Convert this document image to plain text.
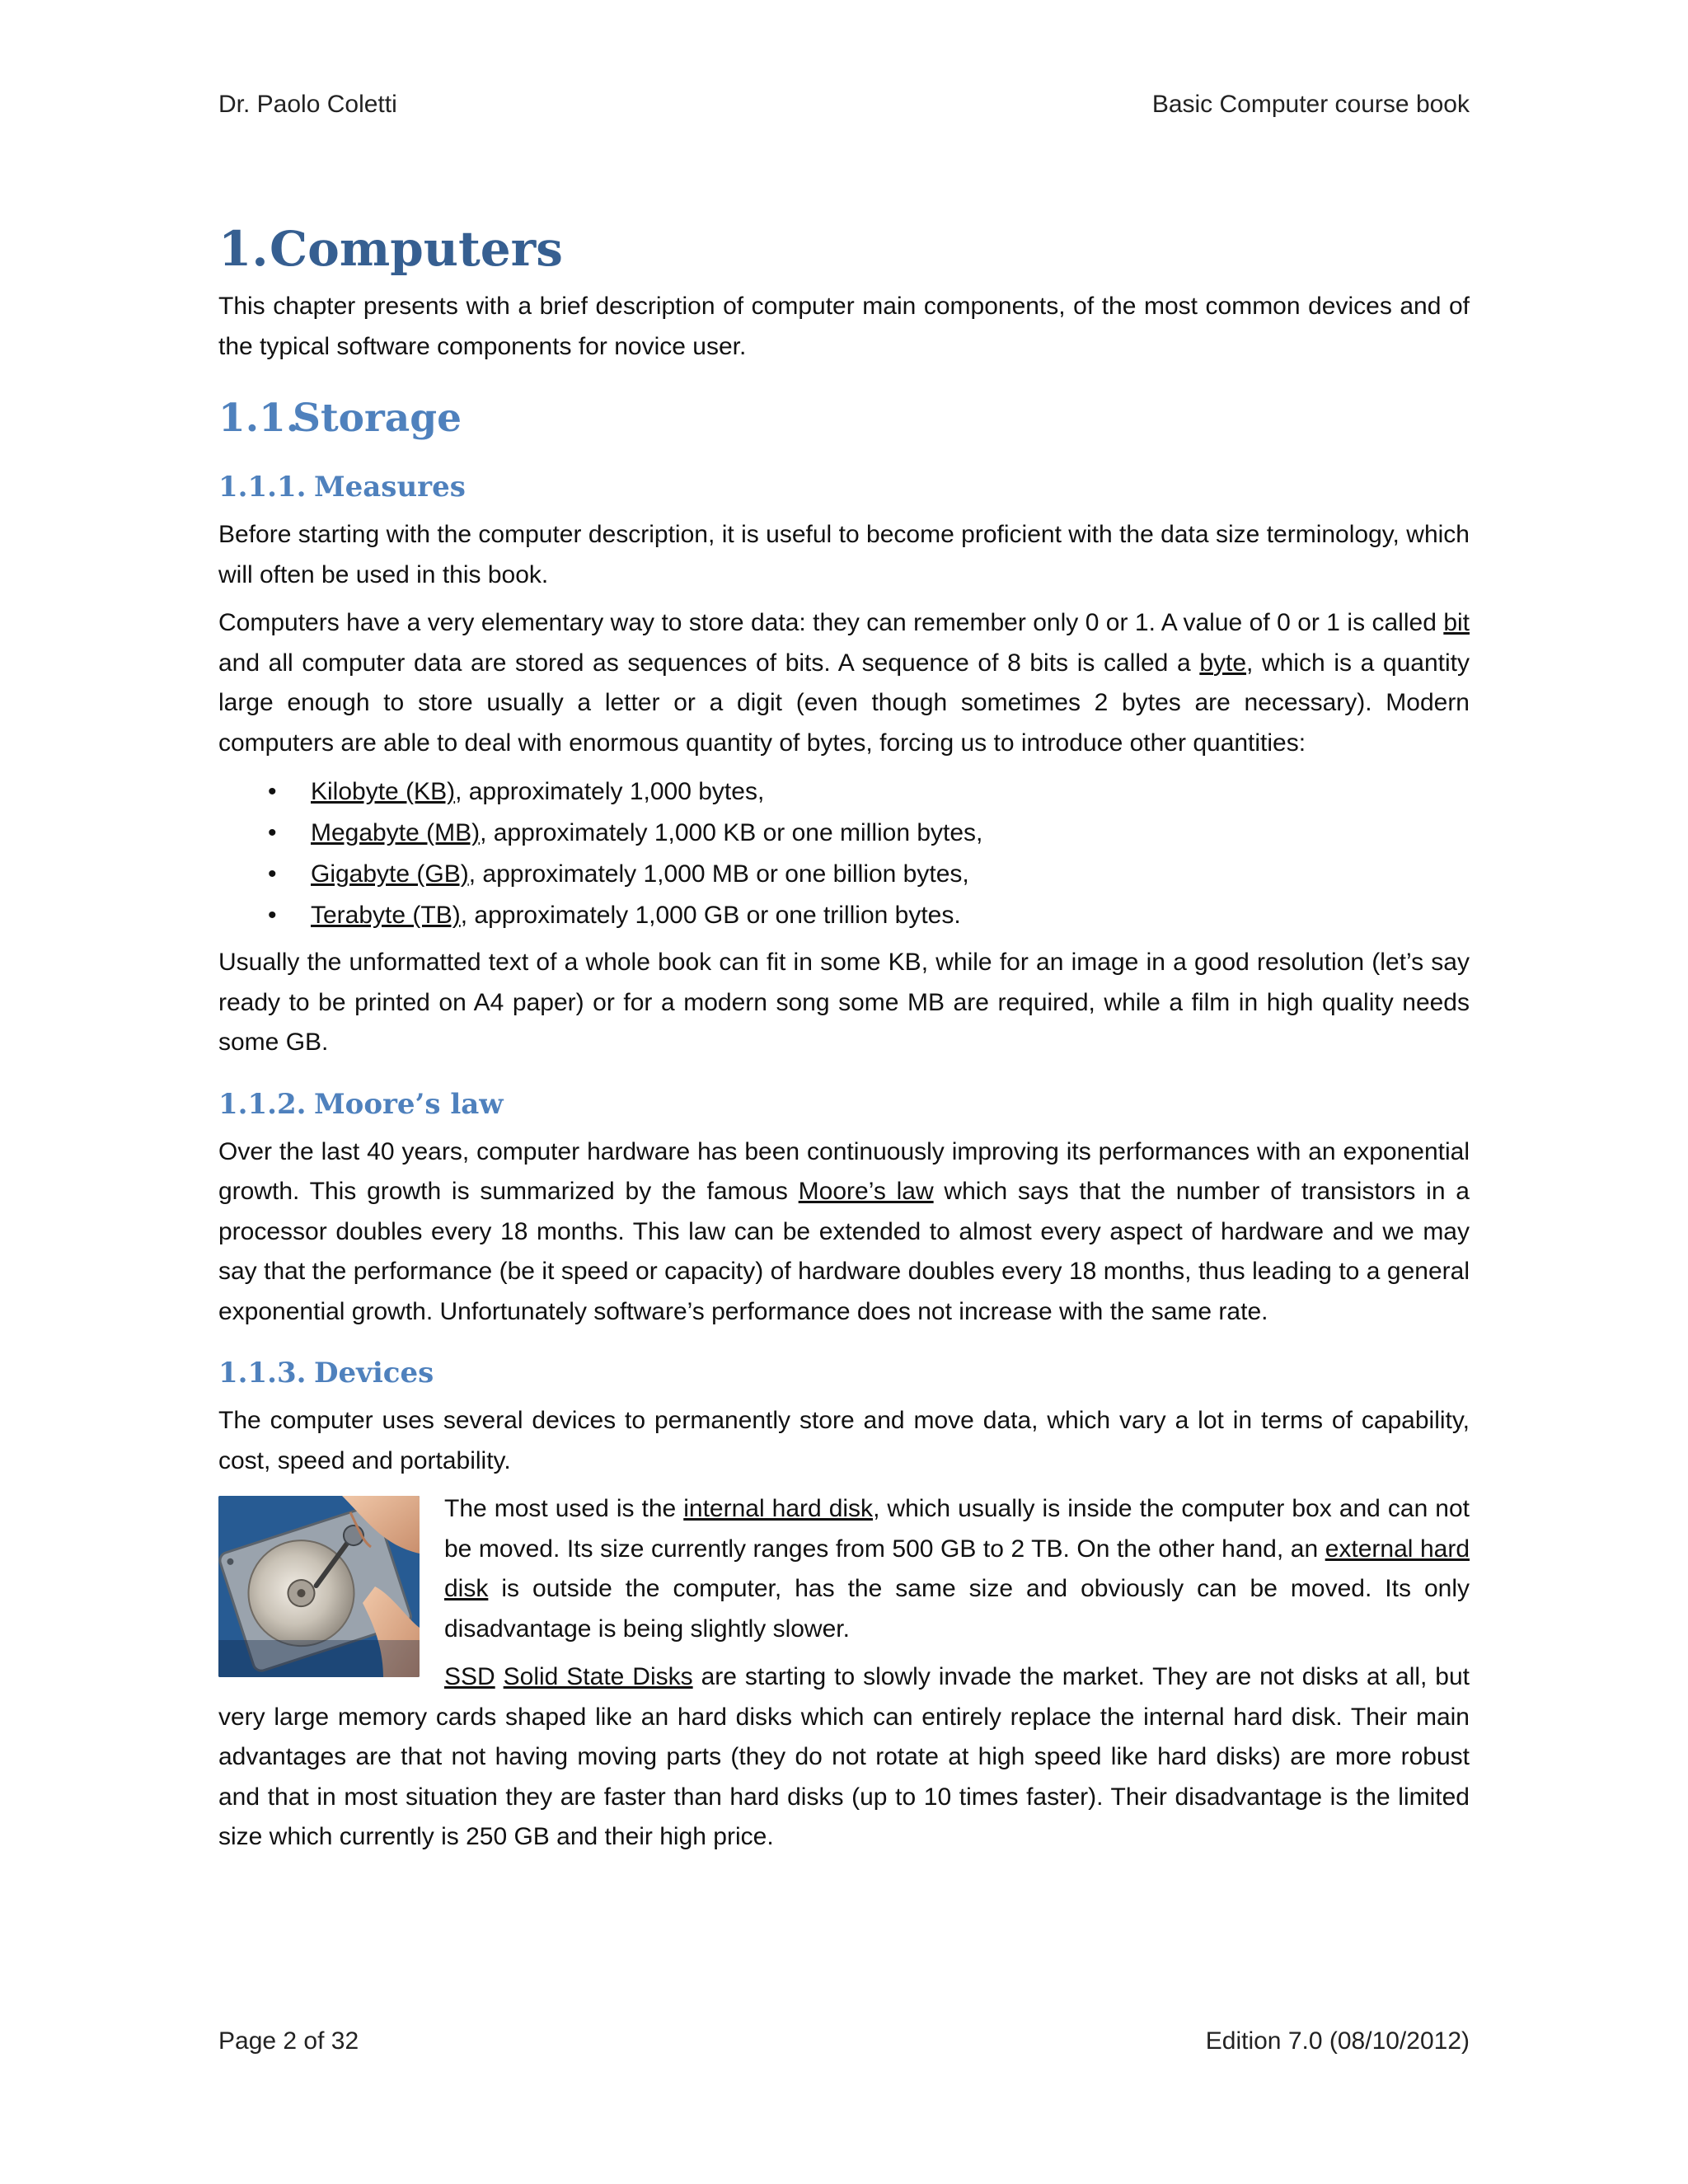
Dr. Paolo Coletti	Basic Computer course book
1. Computers

This chapter presents with a brief description of computer main components, of the most common devices and of the typical software components for novice user.

1.1.
Storage
1.1.1. Measures

Before starting with the computer description, it is useful to become proficient with the data size terminology, which will often be used in this book.

Computers have a very elementary way to store data: they can remember only 0 or 1. A value of 0 or 1 is called bit and all computer data are stored as sequences of bits. A sequence of 8 bits is called a byte, which is a quantity large enough to store usually a letter or a digit (even though sometimes 2 bytes are necessary). Modern computers are able to deal with enormous quantity of bytes, forcing us to introduce other quantities:

• Kilobyte (KB), approximately 1,000 bytes,
• Megabyte (MB), approximately 1,000 KB or one million bytes,
• Gigabyte (GB), approximately 1,000 MB or one billion bytes,
• Terabyte (TB), approximately 1,000 GB or one trillion bytes.

Usually the unformatted text of a whole book can fit in some KB, while for an image in a good resolution (let’s say ready to be printed on A4 paper) or for a modern song some MB are required, while a film in high quality needs some GB.

1.1.2. Moore’s law

Over the last 40 years, computer hardware has been continuously improving its performances with an exponential growth. This growth is summarized by the famous Moore’s law which says that the number of transistors in a processor doubles every 18 months. This law can be extended to almost every aspect of hardware and we may say that the performance (be it speed or capacity) of hardware doubles every 18 months, thus leading to a general exponential growth. Unfortunately software’s performance does not increase with the same rate.

1.1.3. Devices

The computer uses several devices to permanently store and move data, which vary a lot in terms of capability, cost, speed and portability.

The most used is the internal hard disk, which usually is inside the computer box and can not be moved. Its size currently ranges from 500 GB to 2 TB. On the other hand, an external hard disk is outside the computer, has the same size and obviously can be moved. Its only disadvantage is being slightly slower.

SSD Solid State Disks are starting to slowly invade the market. They are not disks at all, but very large memory cards shaped like an hard disks which can entirely replace the internal hard disk. Their main advantages are that not having moving parts (they do not rotate at high speed like hard disks) are more robust and that in most situation they are faster than hard disks (up to 10 times faster). Their disadvantage is the limited size which currently is 250 GB and their high price.

Page 2 of 32	Edition 7.0 (08/10/2012)
